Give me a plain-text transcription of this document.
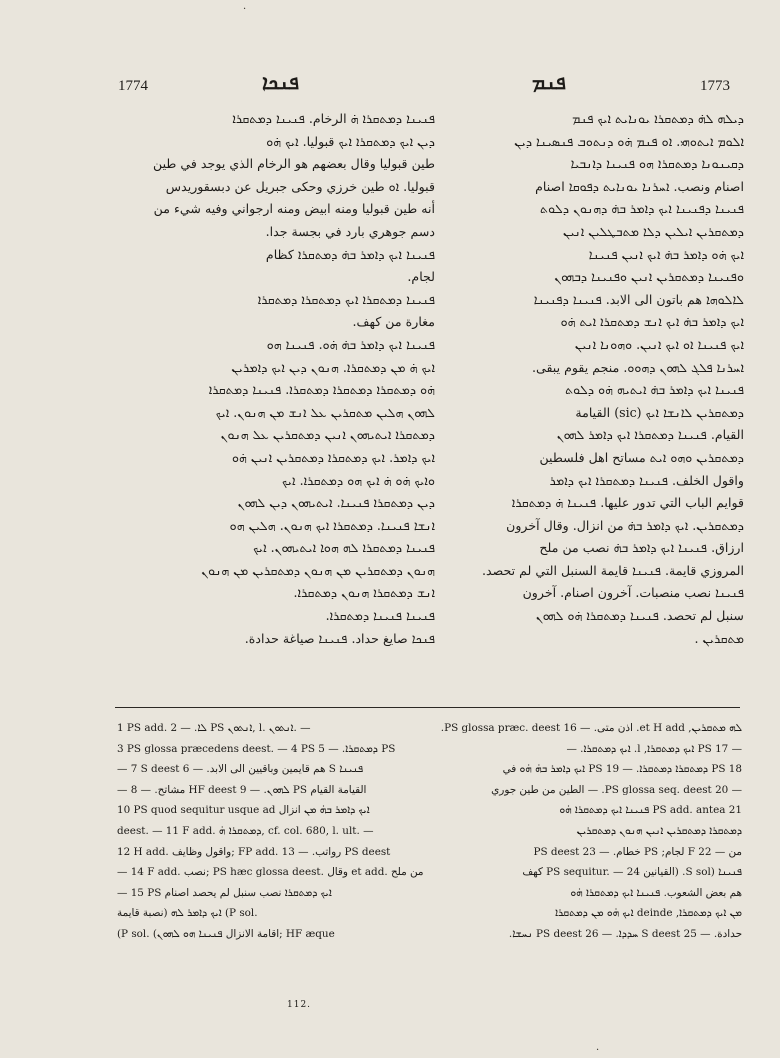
1774	ܦܢܟܐ	ܦܢܡ	1773
ܕܝܠܗ ܠܗ̇ ܕܡܬܩܪܐ ܝܘܢܐܝܬ ܐܝܟ ܦܢܡ
ܐܠܘܡ ܐܝܬܘܗܝ. ܐܘ ܦܢܡ ܗ̇ܘ ܕܢܬܘܒ ܦܢܣܝܢܐ ܕܝܢ
ܕܩܝܢܘܢܐ ܕܡܬܩܪܐ ܗܘ ܦܢܝܢܐ ܕܐܢܒܝܐ
اصنام ونصب. ܐܚܪܢܐ ܝܘܢܐܝܬ ܕܦܘܩܐ اصنام
ܦܢܝܢܐ ܕܦܢܝܢܐ ܐܝܟ ܕܐܡܪ ܒܗ̇ ܕܗܢܘܢ ܕܠܘܬ
ܕܡܬܩܪܝܢ ܐܝܠܝܢ ܕܠܐ ܡܬܒܛܠܝܢ ܐܢܝܢ
ܐܝܟ ܗ̇ܘ ܕܐܡܪ ܒܗ̇ ܐܝܟ ܐܢܝܢ ܦܢܝܢܐ
ܘܦܢܝܢܐ ܕܡܬܩܪܝܢ ܐܢܝܢ ܘܦܢܝܢܐ ܕܒܗܘܢ
ܠܐܠܘܗܐ هم باتون الى الابد. ܦܢܝܢܐ ܕܦܢܝܢܐ
ܐܝܟ ܕܐܡܪ ܒܗ̇ ܐܝܟ ܐܢܫ ܕܡܬܩܪܐ ܐܝܬ ܗ̇ܘ
ܐܝܟ ܦܢܝܢܐ ܐܘ ܐܝܟ ܐܢܝܢ. ܘܗܘܢܐ ܐܢܝܢ
ܐܚܪܢܐ ܦܠܓ ܠܗܘܢ ܕܗܘܘ. منجم يقوم يبقى.
ܦܢܝܢܐ ܐܝܟ ܕܐܡܪ ܒܗ̇ ܐܝܬܝܗ ܗ̇ܘ ܕܠܘܬ
ܕܡܬܩܪܝܢ ܠܐܢܫܐ ܐܝܟ (sic) القيامة
القيام. ܦܢܝܢܐ ܕܡܬܩܪܐ ܐܝܟ ܕܐܡܪ ܠܗܘܢ
ܕܡܬܩܪܝܢ ܘܗܘ ܐܝܬ مساتح اهل فلسطين
واقول الخلف. ܦܢܝܢܐ ܕܡܬܩܪܐ ܐܝܟ ܕܐܡܪ
قوايم الباب التي تدور عليها. ܦܢܝܢܐ ܗ̇ ܕܡܬܩܪܐ
ܕܡܬܩܪܝܢ. ܐܝܟ ܕܐܡܪ ܒܗ̇ من انزال. وقال آخرون
ارزاق. ܦܢܝܢܐ ܐܝܟ ܕܐܡܪ ܒܗ̇ نصب من ملح
المروزي قايمة. ܦܢܝܢܐ قايمة السنبل التي لم تحصد.
ܦܢܝܢܐ نصب منصبات. آخرون اصنام. آخرون
سنبل لم تحصد. ܦܢܝܢܐ ܕܡܬܩܪܐ ܗ̇ܘ ܠܗܘܢ
ܡܬܩܪܝܢ .
ܦܢܝܢܐ ܕܡܬܩܪܐ ܗ̇ الرخام. ܦܢܝܢܐ ܕܡܬܩܪܐ
ܕܝܢ ܐܝܟ ܕܡܬܩܪܐ ܐܝܟ قبوليا. ܐܝܟ ܗ̇ܘ
طين قبوليا وقال بعضهم هو الرخام الذي يوجد في طين
قبوليا. ܐܘ طين خرزي وحكى جبريل عن دبسقوريدس
أنه طين قبوليا ومنه ابيض ومنه ارجواني وفيه شيء من
دسم جوهري بارد في بجسة جدا.
ܦܢܝܢܐ ܐܝܟ ܕܐܡܪ ܒܗ̇ ܕܡܬܩܪܐ كظام
لجام.
ܦܢܝܢܐ ܕܡܬܩܪܐ ܐܝܟ ܕܡܬܩܪܐ ܕܡܬܩܪܐ
مغارة من كهف.
ܦܢܝܢܐ ܐܝܟ ܕܐܡܪ ܒܗ̇ ܗ̇ܘ. ܦܢܝܢܐ ܗܘ
ܐܝܟ ܗ̇ ܡܢ ܕܡܬܩܪܐ. ܗܢܘܢ ܕܝܢ ܐܝܟ ܕܐܡܪܝܢ
ܗ̇ܘ ܕܡܬܩܪܐ ܕܡܬܩܪܐ ܕܡܬܩܪܐ. ܦܢܝܢܐ ܕܡܬܩܪܐ
ܠܗܘܢ ܗܠܝܢ ܡܬܩܪܝܢ ܥܠ ܐܢܫ ܡܢ ܗܢܘܢ. ܐܝܟ
ܕܡܬܩܪܐ ܐܝܬܝܗܘܢ ܐܢܝܢ ܕܡܬܩܪܝܢ ܥܠ ܗܢܘܢ
ܐܝܟ ܕܐܡܪ. ܐܝܟ ܕܡܬܩܪܐ ܕܡܬܩܪܝܢ ܐܢܝܢ ܗ̇ܘ
ܘܐܝܟ ܗ̇ܘ ܗ̇ ܐܝܟ ܗܘ ܕܡܬܩܪܐ. ܐܝܟ
ܕܝܢ ܕܡܬܩܪܐ ܦܢܝܢܐ. ܐܝܬܝܗܘܢ ܕܝܢ ܠܗܘܢ
ܐܢܫܐ ܦܢܝܢܐ. ܕܡܬܩܪܐ ܐܝܟ ܗܢܘܢ. ܗܠܝܢ ܗܘ
ܦܢܝܢܐ ܕܡܬܩܪܐ ܠܗ ܗܘܐ ܐܝܬܝܗܘܢ. ܐܝܟ
ܗܢܘܢ ܕܡܬܩܪܝܢ ܡܢ ܗܢܘܢ ܕܡܬܩܪܝܢ ܡܢ ܗܢܘܢ
ܐܢܫ ܕܡܬܩܪܐ ܗܢܘܢ ܕܡܬܩܪܐ.
ܦܢܝܢܐ ܦܢܝܢܐ ܕܡܬܩܪܐ.
ܦܢܟܐ صايغ حداد. ܦܢܝܢܐ صياغة حدادة.
1 PS add. ܠܐ. — 2 PS ܐܢܬܘܢ, l. ܐܢܬܘܢ. —
3 PS glossa præcedens deest. — 4 PS ܕܡܬܩܪܐ. — 5 PS
— 7 S deest هم قايمين وباقيين الى الابد. — 6 S ܦܢܝܢܐ
— مشاتح. — 8 HF deest ܠܗܘܢ. — 9 PS القيامة القيام
10 PS quod sequitur usque ad ܐܝܟ ܕܐܡܪ ܒܗ̇ ܡܢ انزال
deest. — 11 F add. ܕܡܬܩܪܐ ܗ̇, cf. col. 680, l. ult. —
12 H add. واقول وظايف; FP add. رواتب. — 13 PS deest
— 14 F add. نصب; PS hæc glossa deest. وقال et add. من ملح
— 15 PS ܐܝܟ ܕܡܬܩܪܐ نصب سنبل لم يحصد اصنام
ܐܝܟ ܕܐܡܪ ܠܗ (نصبة قايمة (P sol.
(P sol. (اقامة الانزال ܦܢܝܢܐ ܗܘ ܠܗܘܢ; HF æque
ܠܗ ܡܬܩܪܝܢ, et H add. اذن متى. — 16 PS glossa præc. deest.
— 17 PS ܐܝܟ ܕܡܬܩܪܐ, l. ܐܝܟ ܕܡܬܩܪܐ. —
18 PS ܕܡܬܩܪܐ ܕܡܬܩܪܐ. — 19 PS ܐܝܟ ܕܐܡܪ ܒܗ̇ ܗ̇ܘ في
— 20 PS glossa seq. deest. — الطين من طين جوري
21 PS add. antea ܦܢܝܢܐ ܐܝܟ ܕܡܬܩܪܐ ܗ̇ܘ
ܕܡܬܩܪܐ ܕܡܬܩܪܝܢ ܐܢܝܢ ܗܢܘܢ ܕܡܬܩܪܝܢ
من — 22 F لجام; PS خطام. — 23 PS deest
ܦܢܝܢܐ (S sol. (القيانين PS sequitur. — 24 كهف
هم بعض الشعوب. ܦܢܝܢܐ ܐܝܟ ܕܡܬܩܪܐ ܗ̇ܘ
ܡܢ ܐܝܟ ܕܡܬܩܪܐ, deinde ܐܝܟ ܗ̇ܘ ܡܢ ܕܡܬܩܪܐ
حدادة. — 25 S deest ܚܕܕܐ. — 26 PS deest ܢܚܫܐ.
112.
·
·
